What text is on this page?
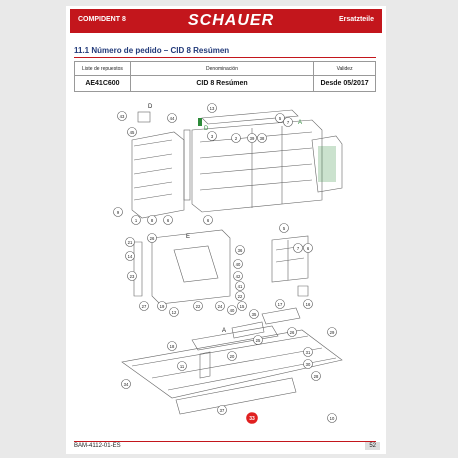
COMPIDENT 8	SCHAUER	Ersatzteile
11.1 Número de pedido – CID 8 Resúmen
Liste de repuestos	Denominación	Validez
AE41C600	CID 8 Resúmen	Desde 05/2017
D
D
A
E
A
43	44
45
13
3	2	39 38
5
7
9
1	8	6	6
21
14
26
5
7 6
23
19	22
27
12
24
22
36
40
42
41
40
15
35
17	16
25
26	29
31
30
28
18
11
34
20
37
33	10
BAM-4112-01-ES	52
